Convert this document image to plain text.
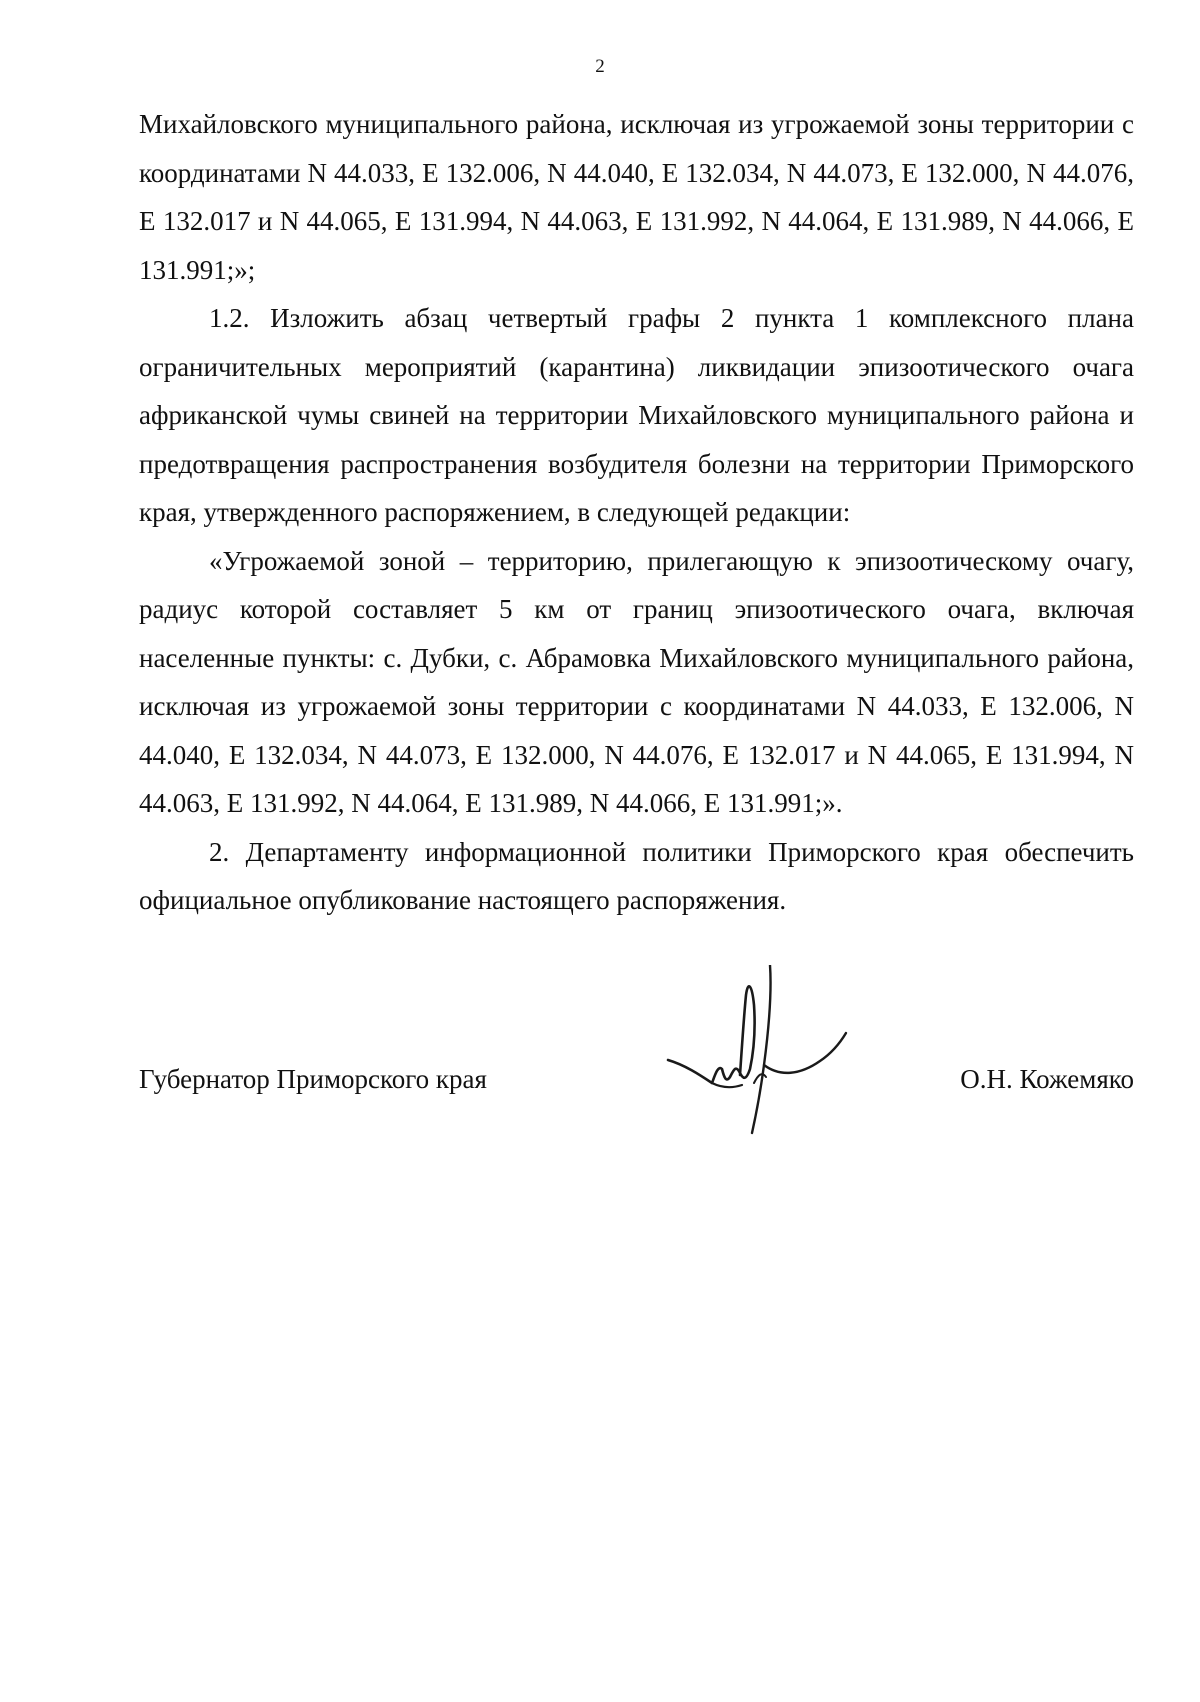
2

Михайловского муниципального района, исключая из угрожаемой зоны территории с координатами N 44.033, E 132.006, N 44.040, E 132.034, N 44.073, E 132.000, N 44.076, E 132.017 и N 44.065, E 131.994, N 44.063, E 131.992, N 44.064, E 131.989, N 44.066, E 131.991;»;

1.2. Изложить абзац четвертый графы 2 пункта 1 комплексного плана ограничительных мероприятий (карантина) ликвидации эпизоотического очага африканской чумы свиней на территории Михайловского муниципального района и предотвращения распространения возбудителя болезни на территории Приморского края, утвержденного распоряжением, в следующей редакции:

«Угрожаемой зоной – территорию, прилегающую к эпизоотическому очагу, радиус которой составляет 5 км от границ эпизоотического очага, включая населенные пункты: с. Дубки, с. Абрамовка Михайловского муниципального района, исключая из угрожаемой зоны территории с координатами N 44.033, E 132.006, N 44.040, E 132.034, N 44.073, E 132.000, N 44.076, E 132.017 и N 44.065, E 131.994, N 44.063, E 131.992, N 44.064, E 131.989, N 44.066, E 131.991;».

2. Департаменту информационной политики Приморского края обеспечить официальное опубликование настоящего распоряжения.

Губернатор Приморского края	О.Н. Кожемяко
